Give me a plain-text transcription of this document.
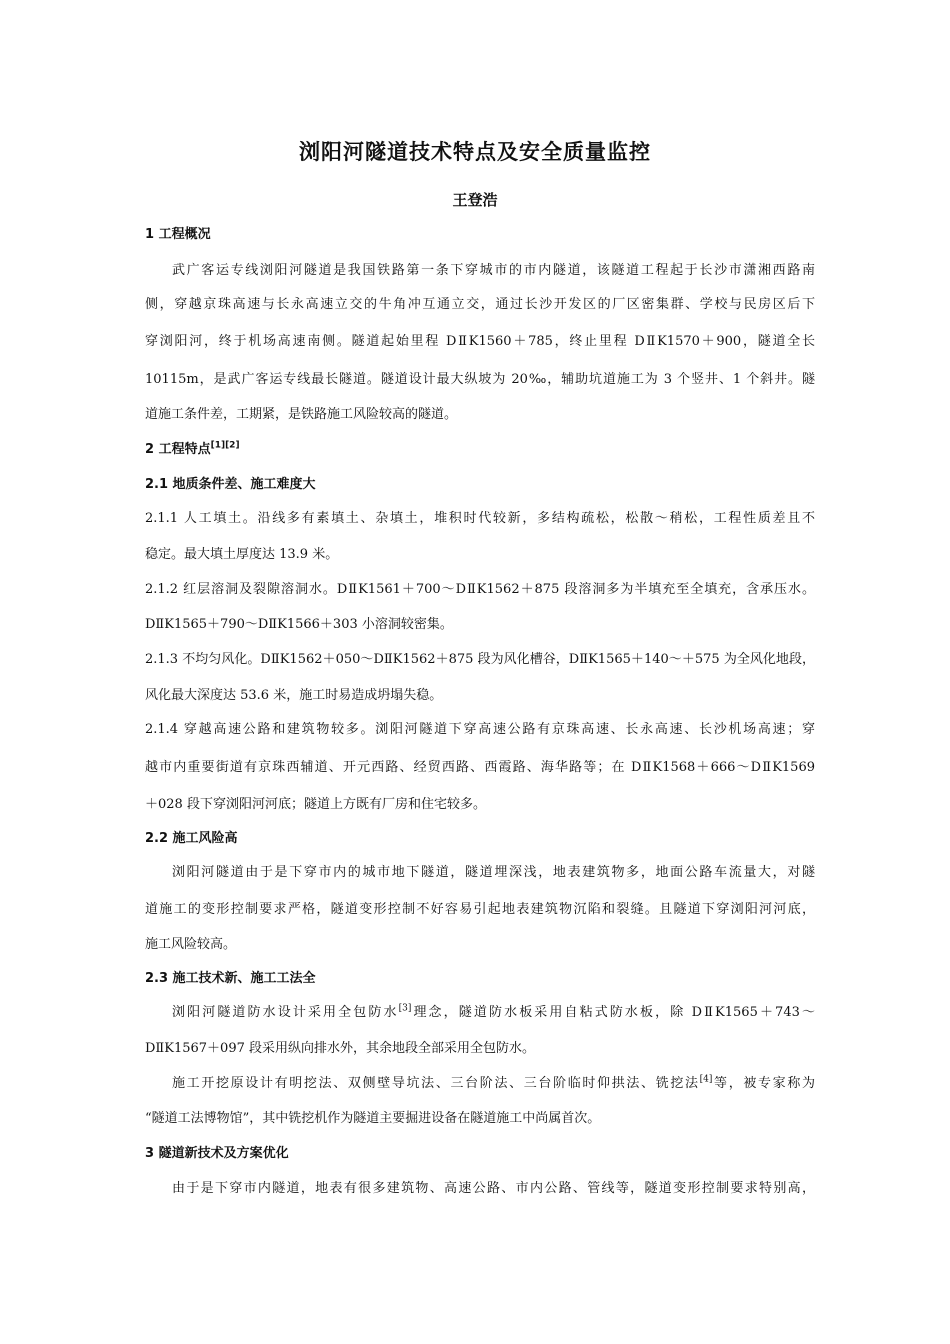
浏阳河隧道技术特点及安全质量监控
王登浩
1 工程概况
武广客运专线浏阳河隧道是我国铁路第一条下穿城市的市内隧道，该隧道工程起于长沙市潇湘西路南
侧，穿越京珠高速与长永高速立交的牛角冲互通立交，通过长沙开发区的厂区密集群、学校与民房区后下
穿浏阳河，终于机场高速南侧。隧道起始里程 DⅡK1560＋785，终止里程 DⅡK1570＋900，隧道全长
10115m，是武广客运专线最长隧道。隧道设计最大纵坡为 20‰，辅助坑道施工为 3 个竖井、1 个斜井。隧
道施工条件差，工期紧，是铁路施工风险较高的隧道。
2 工程特点[1][2]
2.1 地质条件差、施工难度大
2.1.1 人工填土。沿线多有素填土、杂填土，堆积时代较新，多结构疏松，松散～稍松，工程性质差且不
稳定。最大填土厚度达 13.9 米。
2.1.2 红层溶洞及裂隙溶洞水。DⅡK1561＋700～DⅡK1562＋875 段溶洞多为半填充至全填充，含承压水。
DⅡK1565＋790～DⅡK1566＋303 小溶洞较密集。
2.1.3 不均匀风化。DⅡK1562＋050～DⅡK1562＋875 段为风化槽谷，DⅡK1565＋140～＋575 为全风化地段，
风化最大深度达 53.6 米，施工时易造成坍塌失稳。
2.1.4 穿越高速公路和建筑物较多。浏阳河隧道下穿高速公路有京珠高速、长永高速、长沙机场高速；穿
越市内重要街道有京珠西辅道、开元西路、经贸西路、西霞路、海华路等；在 DⅡK1568＋666～DⅡK1569
＋028 段下穿浏阳河河底；隧道上方既有厂房和住宅较多。
2.2 施工风险高
浏阳河隧道由于是下穿市内的城市地下隧道，隧道埋深浅，地表建筑物多，地面公路车流量大，对隧
道施工的变形控制要求严格，隧道变形控制不好容易引起地表建筑物沉陷和裂缝。且隧道下穿浏阳河河底，
施工风险较高。
2.3 施工技术新、施工工法全
浏阳河隧道防水设计采用全包防水[3]理念，隧道防水板采用自粘式防水板，除 DⅡK1565＋743～
DⅡK1567＋097 段采用纵向排水外，其余地段全部采用全包防水。
施工开挖原设计有明挖法、双侧壁导坑法、三台阶法、三台阶临时仰拱法、铣挖法[4]等，被专家称为
“隧道工法博物馆”，其中铣挖机作为隧道主要掘进设备在隧道施工中尚属首次。
3 隧道新技术及方案优化
由于是下穿市内隧道，地表有很多建筑物、高速公路、市内公路、管线等，隧道变形控制要求特别高，
